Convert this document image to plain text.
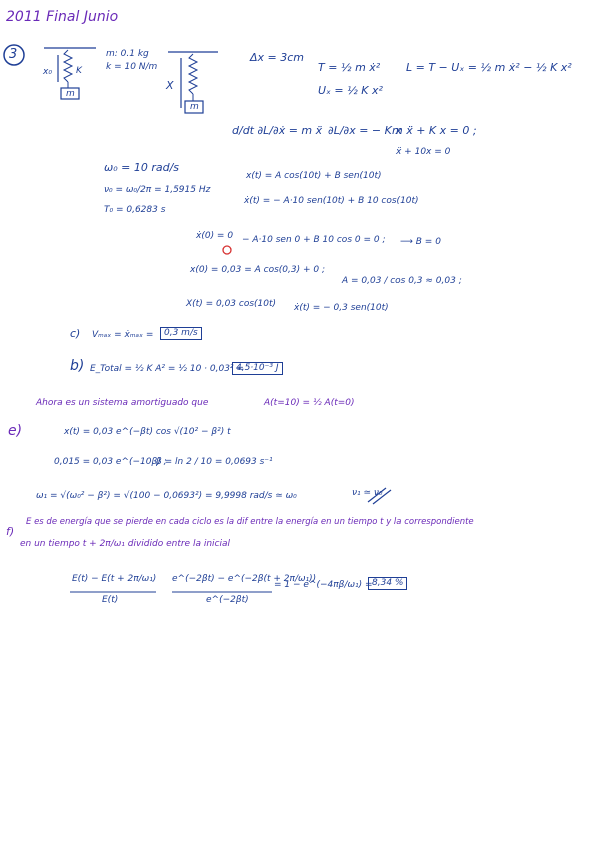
2011 Final Junio
3	m: 0.1 kg
k = 10 N/m
x₀	K
m
X
m
Δx = 3cm
T = ½ m ẋ²
Uₓ = ½ K x²
L = T − Uₓ = ½ m ẋ² − ½ K x²
d/dt ∂L/∂ẋ = m ẍ ∂L/∂x = − K x
m ẍ + K x = 0 ;
ẍ + 10x = 0
ω₀ = 10 rad/s
ν₀ = ω₀/2π = 1,5915 Hz
T₀ = 0,6283 s
x(t) = A cos(10t) + B sen(10t)
ẋ(t) = − A·10 sen(10t) + B 10 cos(10t)
ẋ(0) = 0 − A·10 sen 0 + B 10 cos 0 = 0 ; ⟶ B = 0
x(0) = 0,03 = A cos(0,3) + 0 ;
A = 0,03 / cos 0,3 ≈ 0,03 ;
X(t) = 0,03 cos(10t) ẋ(t) = − 0,3 sen(10t)
c) Vₘₐₓ = ẋₘₐₓ =	0,3 m/s
b) E_Total = ½ K A² = ½ 10 · 0,03² =
4,5·10⁻³ J
Ahora es un sistema amortiguado que	A(t=10) = ½ A(t=0)
e)	x(t) = 0,03 e^(−βt) cos √(10² − β²) t
0,015 = 0,03 e^(−10β) ;
β = ln 2 / 10 = 0,0693 s⁻¹
ω₁ = √(ω₀² − β²) = √(100 − 0,0693²) = 9,9998 rad/s ≃ ω₀	ν₁ ≃ ν₀
f)
E es de energía que se pierde en cada ciclo es la dif entre la energía en un tiempo t y la correspondiente
en un tiempo t + 2π/ω₁ dividido entre la inicial
E(t) − E(t + 2π/ω₁)
E(t)
e^(−2βt) − e^(−2β(t + 2π/ω₁))
e^(−2βt)
= 1 − e^(−4πβ/ω₁) = 8,34 %
